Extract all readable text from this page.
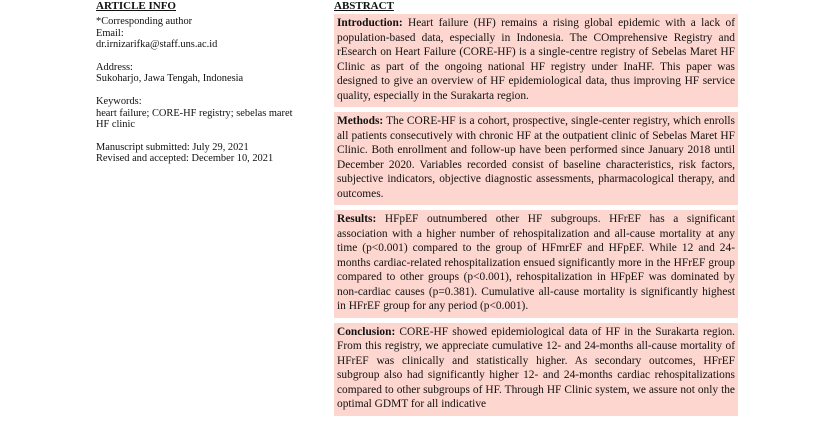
ARTICLE INFO

*Corresponding author
Email:
dr.irnizarifka@staff.uns.ac.id

Address:
Sukoharjo, Jawa Tengah, Indonesia

Keywords:
heart failure; CORE-HF registry; sebelas maret HF clinic

Manuscript submitted: July 29, 2021
Revised and accepted: December 10, 2021

ABSTRACT
Introduction: Heart failure (HF) remains a rising global epidemic with a lack of population-based data, especially in Indonesia. The COmprehensive Registry and rEsearch on Heart Failure (CORE-HF) is a single-centre registry of Sebelas Maret HF Clinic as part of the ongoing national HF registry under InaHF. This paper was designed to give an overview of HF epidemiological data, thus improving HF service quality, especially in the Surakarta region.
Methods: The CORE-HF is a cohort, prospective, single-center registry, which enrolls all patients consecutively with chronic HF at the outpatient clinic of Sebelas Maret HF Clinic. Both enrollment and follow-up have been performed since January 2018 until December 2020. Variables recorded consist of baseline characteristics, risk factors, subjective indicators, objective diagnostic assessments, pharmacological therapy, and outcomes.
Results: HFpEF outnumbered other HF subgroups. HFrEF has a significant association with a higher number of rehospitalization and all-cause mortality at any time (p<0.001) compared to the group of HFmrEF and HFpEF. While 12 and 24-months cardiac-related rehospitalization ensued significantly more in the HFrEF group compared to other groups (p<0.001), rehospitalization in HFpEF was dominated by non-cardiac causes (p=0.381). Cumulative all-cause mortality is significantly highest in HFrEF group for any period (p<0.001).
Conclusion: CORE-HF showed epidemiological data of HF in the Surakarta region. From this registry, we appreciate cumulative 12- and 24-months all-cause mortality of HFrEF was clinically and statistically higher. As secondary outcomes, HFrEF subgroup also had significantly higher 12- and 24-months cardiac rehospitalizations compared to other subgroups of HF. Through HF Clinic system, we assure not only the optimal GDMT for all indicative
